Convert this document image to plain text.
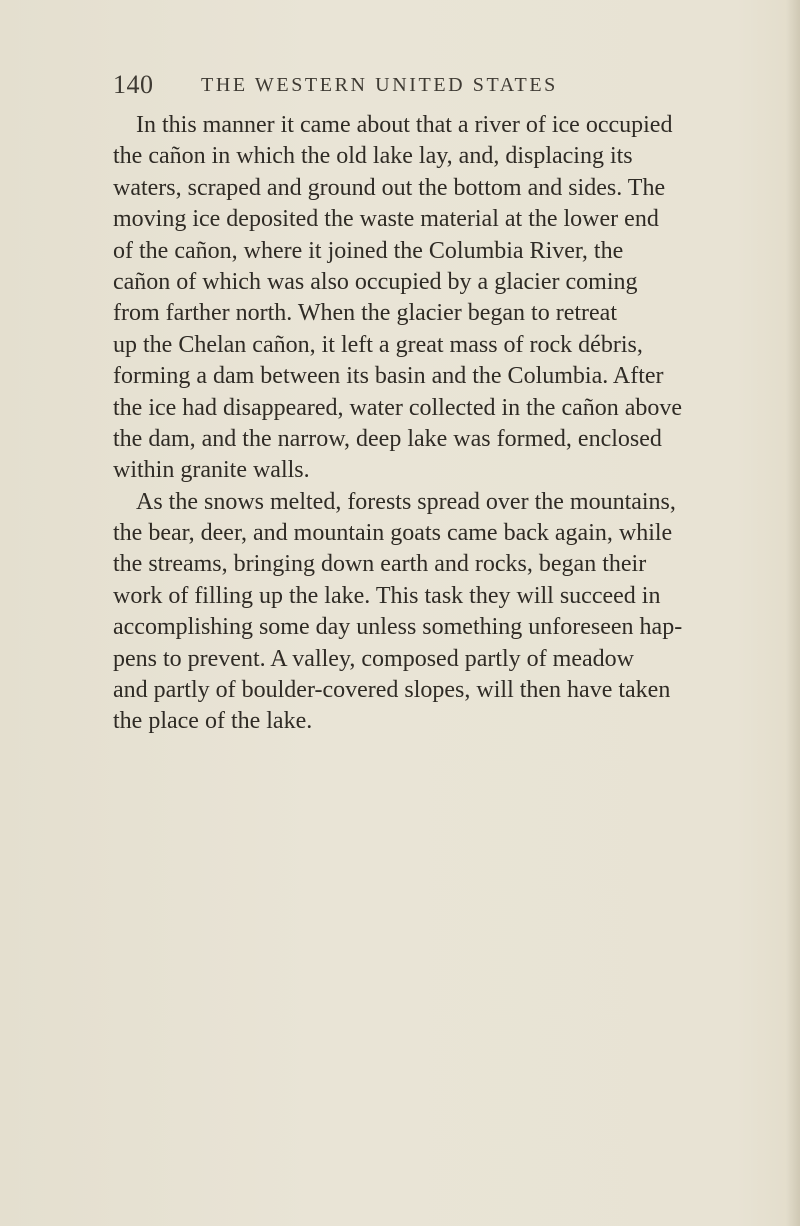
140 THE WESTERN UNITED STATES
In this manner it came about that a river of ice occupied
the cañon in which the old lake lay, and, displacing its
waters, scraped and ground out the bottom and sides. The
moving ice deposited the waste material at the lower end
of the cañon, where it joined the Columbia River, the
cañon of which was also occupied by a glacier coming
from farther north. When the glacier began to retreat
up the Chelan cañon, it left a great mass of rock débris,
forming a dam between its basin and the Columbia. After
the ice had disappeared, water collected in the cañon above
the dam, and the narrow, deep lake was formed, enclosed
within granite walls.
As the snows melted, forests spread over the mountains,
the bear, deer, and mountain goats came back again, while
the streams, bringing down earth and rocks, began their
work of filling up the lake. This task they will succeed in
accomplishing some day unless something unforeseen hap-
pens to prevent. A valley, composed partly of meadow
and partly of boulder-covered slopes, will then have taken
the place of the lake.
